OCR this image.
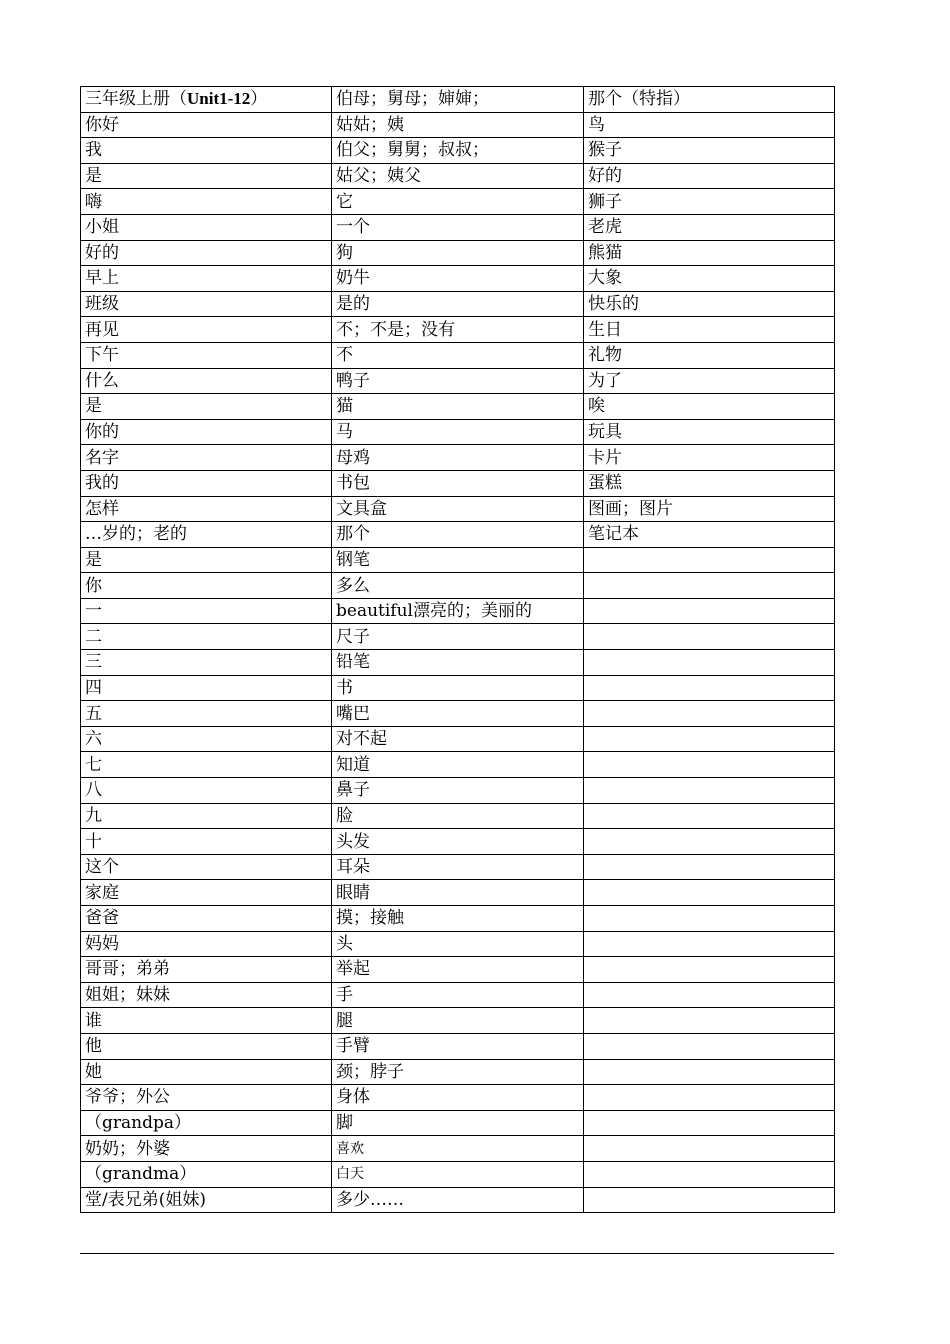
三年级上册（Unit1-12）	伯母；舅母；婶婶；	那个（特指）
你好	姑姑；姨	鸟
我	伯父；舅舅；叔叔；	猴子
是	姑父；姨父	好的
嗨	它	狮子
小姐	一个	老虎
好的	狗	熊猫
早上	奶牛	大象
班级	是的	快乐的
再见	不；不是；没有	生日
下午	不	礼物
什么	鸭子	为了
是	猫	唉
你的	马	玩具
名字	母鸡	卡片
我的	书包	蛋糕
怎样	文具盒	图画；图片
…岁的；老的	那个	笔记本
是	钢笔	
你	多么	
一	beautiful漂亮的；美丽的	
二	尺子	
三	铅笔	
四	书	
五	嘴巴	
六	对不起	
七	知道	
八	鼻子	
九	脸	
十	头发	
这个	耳朵	
家庭	眼睛	
爸爸	摸；接触	
妈妈	头	
哥哥；弟弟	举起	
姐姐；妹妹	手	
谁	腿	
他	手臂	
她	颈；脖子	
爷爷；外公	身体	
（grandpa）	脚	
奶奶；外婆	喜欢	
（grandma）	白天	
堂/表兄弟(姐妹)	多少……	
